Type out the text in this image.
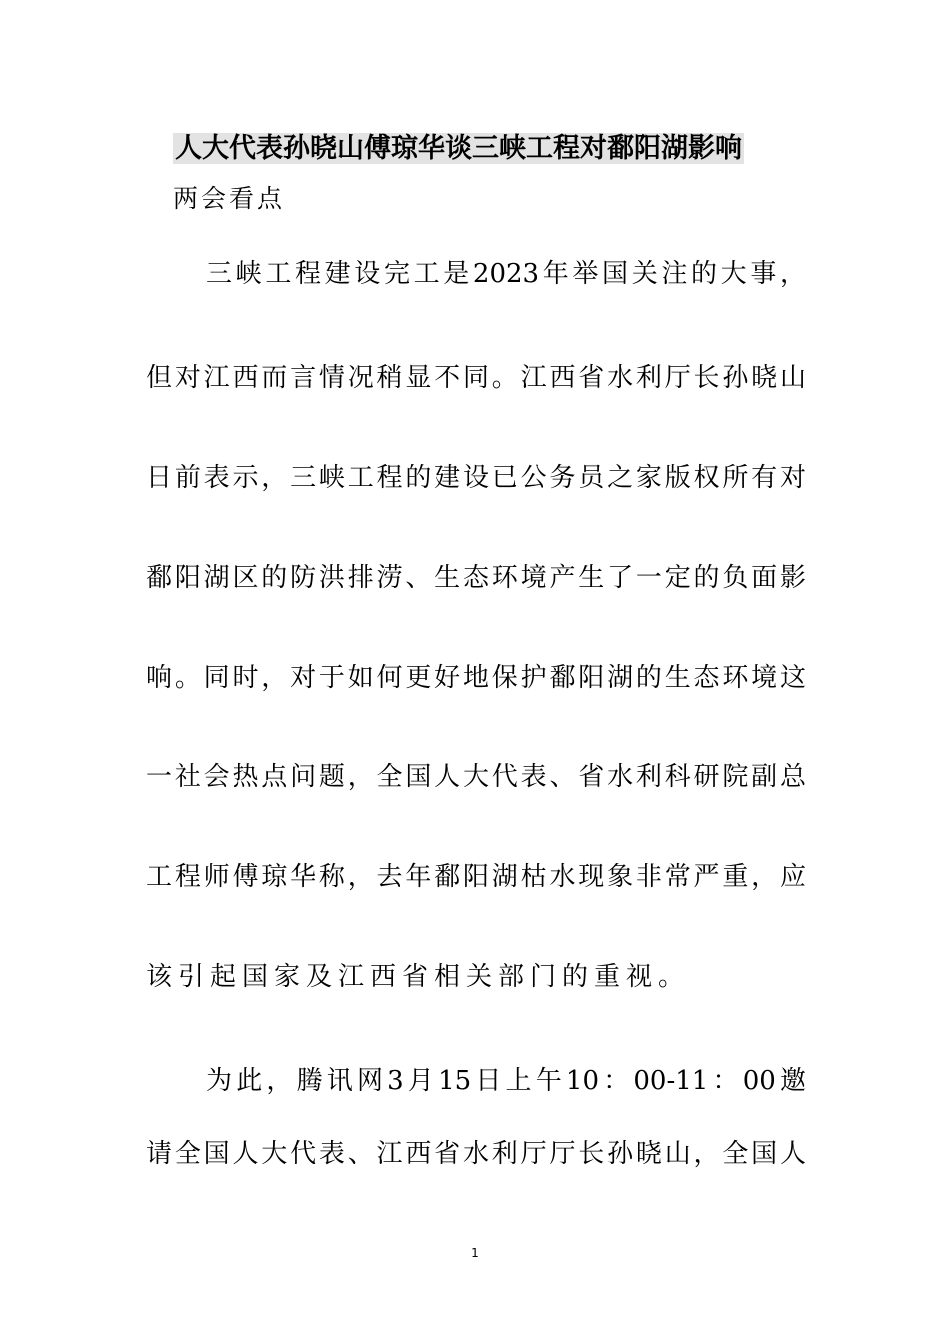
人大代表孙晓山傅琼华谈三峡工程对鄱阳湖影响
两会看点
三峡工程建设完工是2023年举国关注的大事，
但对江西而言情况稍显不同。江西省水利厅长孙晓山
日前表示，三峡工程的建设已公务员之家版权所有对
鄱阳湖区的防洪排涝、生态环境产生了一定的负面影
响。同时，对于如何更好地保护鄱阳湖的生态环境这
一社会热点问题，全国人大代表、省水利科研院副总
工程师傅琼华称，去年鄱阳湖枯水现象非常严重，应
该引起国家及江西省相关部门的重视。
为此，腾讯网3月15日上午10：00-11：00邀
请全国人大代表、江西省水利厅厅长孙晓山，全国人
1
